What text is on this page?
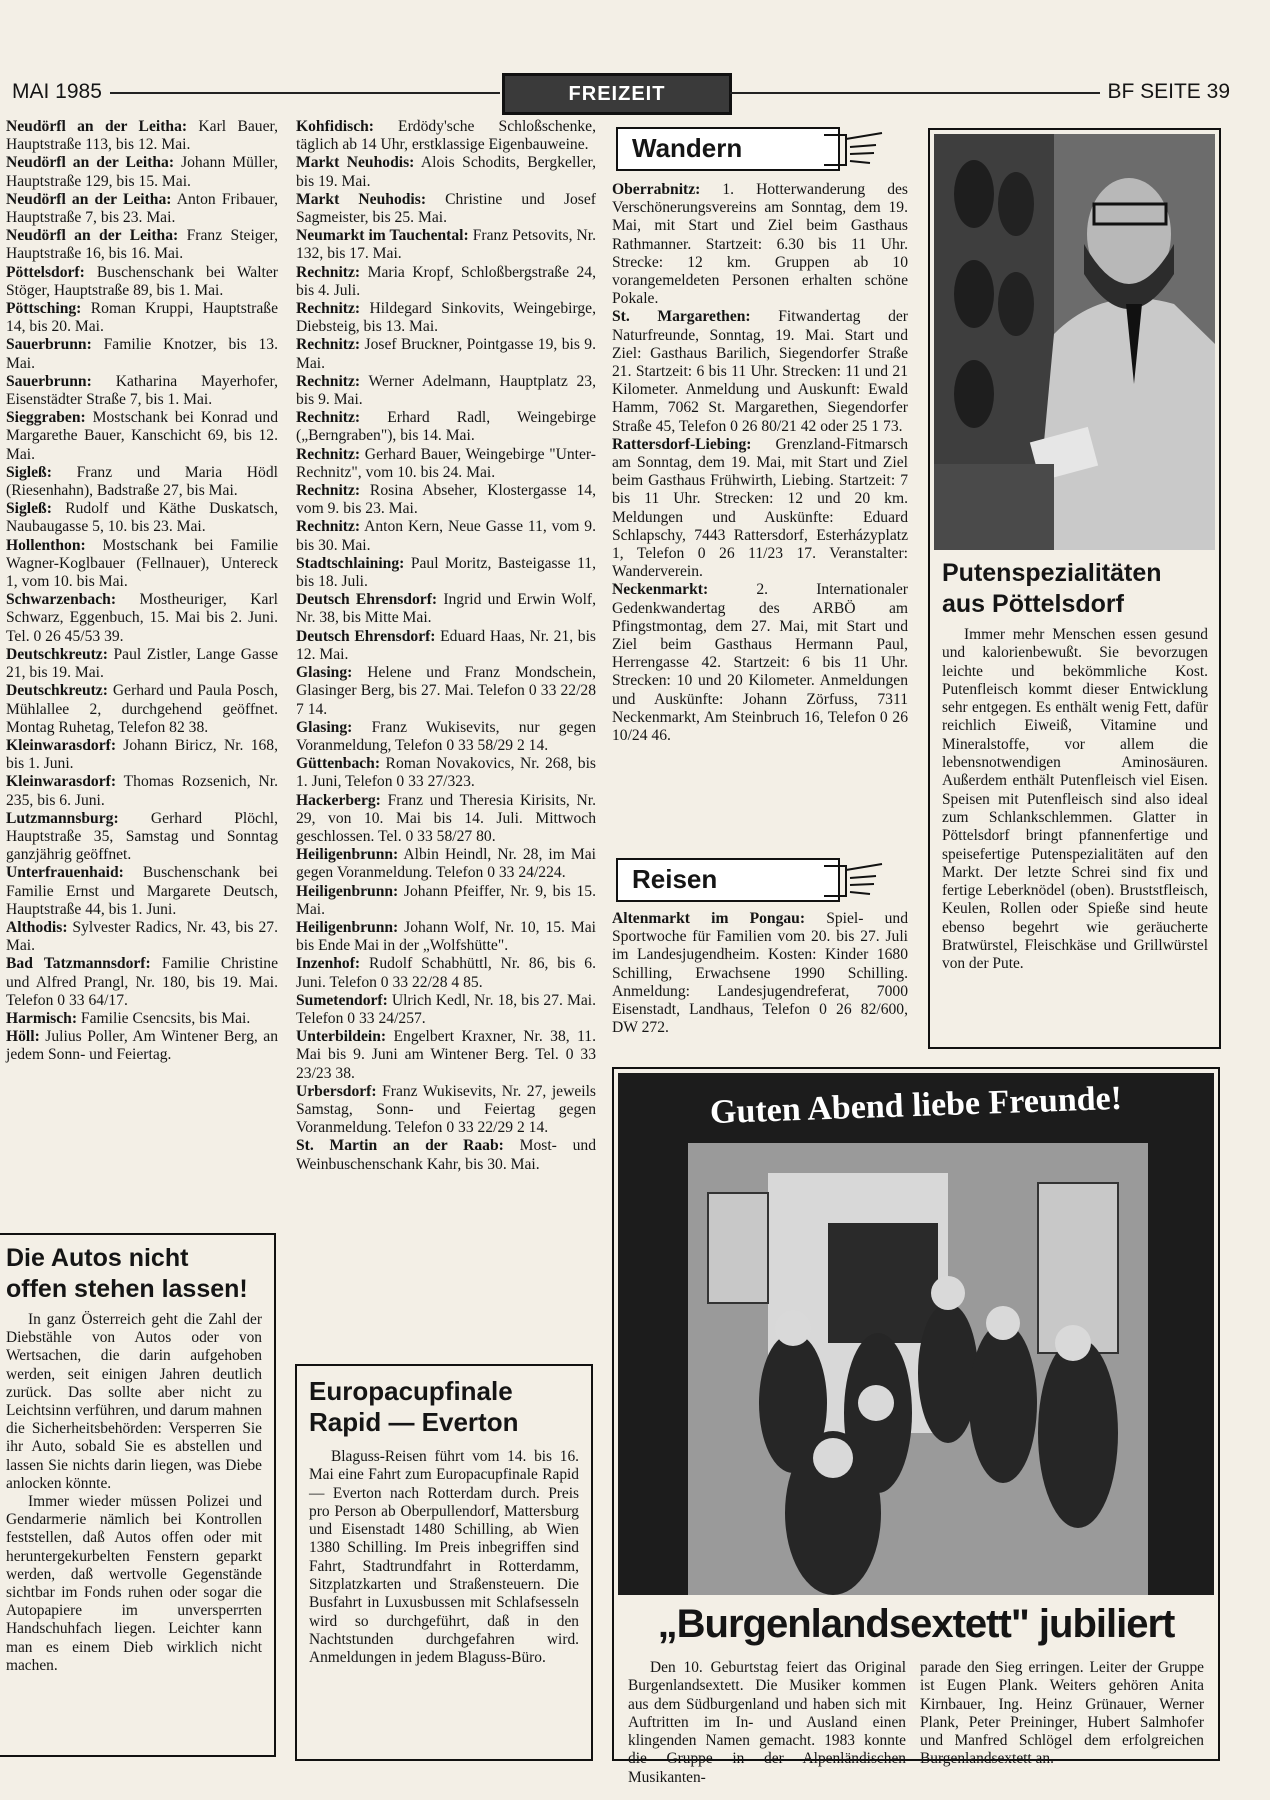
MAI 1985	FREIZEIT	BF SEITE 39

Neudörfl an der Leitha: Karl Bauer, Hauptstraße 113, bis 12. Mai.

Neudörfl an der Leitha: Johann Müller, Hauptstraße 129, bis 15. Mai.

Neudörfl an der Leitha: Anton Fribauer, Hauptstraße 7, bis 23. Mai.

Neudörfl an der Leitha: Franz Steiger, Hauptstraße 16, bis 16. Mai.

Pöttelsdorf: Buschenschank bei Walter Stöger, Hauptstraße 89, bis 1. Mai.

Pöttsching: Roman Kruppi, Hauptstraße 14, bis 20. Mai.

Sauerbrunn: Familie Knotzer, bis 13. Mai.

Sauerbrunn: Katharina Mayerhofer, Eisenstädter Straße 7, bis 1. Mai.

Sieggraben: Mostschank bei Konrad und Margarethe Bauer, Kanschicht 69, bis 12. Mai.

Sigleß: Franz und Maria Hödl (Riesenhahn), Badstraße 27, bis Mai.

Sigleß: Rudolf und Käthe Duskatsch, Naubaugasse 5, 10. bis 23. Mai.

Hollenthon: Mostschank bei Familie Wagner-Koglbauer (Fellnauer), Untereck 1, vom 10. bis Mai.

Schwarzenbach: Mostheuriger, Karl Schwarz, Eggenbuch, 15. Mai bis 2. Juni. Tel. 0 26 45/53 39.

Deutschkreutz: Paul Zistler, Lange Gasse 21, bis 19. Mai.

Deutschkreutz: Gerhard und Paula Posch, Mühlallee 2, durchgehend geöffnet. Montag Ruhetag, Telefon 82 38.

Kleinwarasdorf: Johann Biricz, Nr. 168, bis 1. Juni.

Kleinwarasdorf: Thomas Rozsenich, Nr. 235, bis 6. Juni.

Lutzmannsburg: Gerhard Plöchl, Hauptstraße 35, Samstag und Sonntag ganzjährig geöffnet.

Unterfrauenhaid: Buschenschank bei Familie Ernst und Margarete Deutsch, Hauptstraße 44, bis 1. Juni.

Althodis: Sylvester Radics, Nr. 43, bis 27. Mai.

Bad Tatzmannsdorf: Familie Christine und Alfred Prangl, Nr. 180, bis 19. Mai. Telefon 0 33 64/17.

Harmisch: Familie Csencsits, bis Mai.

Höll: Julius Poller, Am Wintener Berg, an jedem Sonn- und Feiertag.

Kohfidisch: Erdödy'sche Schloßschenke, täglich ab 14 Uhr, erstklassige Eigenbauweine.

Markt Neuhodis: Alois Schodits, Bergkeller, bis 19. Mai.

Markt Neuhodis: Christine und Josef Sagmeister, bis 25. Mai.

Neumarkt im Tauchental: Franz Petsovits, Nr. 132, bis 17. Mai.

Rechnitz: Maria Kropf, Schloßbergstraße 24, bis 4. Juli.

Rechnitz: Hildegard Sinkovits, Weingebirge, Diebsteig, bis 13. Mai.

Rechnitz: Josef Bruckner, Pointgasse 19, bis 9. Mai.

Rechnitz: Werner Adelmann, Hauptplatz 23, bis 9. Mai.

Rechnitz: Erhard Radl, Weingebirge („Berngraben"), bis 14. Mai.

Rechnitz: Gerhard Bauer, Weingebirge "Unter-Rechnitz", vom 10. bis 24. Mai.

Rechnitz: Rosina Abseher, Klostergasse 14, vom 9. bis 23. Mai.

Rechnitz: Anton Kern, Neue Gasse 11, vom 9. bis 30. Mai.

Stadtschlaining: Paul Moritz, Basteigasse 11, bis 18. Juli.

Deutsch Ehrensdorf: Ingrid und Erwin Wolf, Nr. 38, bis Mitte Mai.

Deutsch Ehrensdorf: Eduard Haas, Nr. 21, bis 12. Mai.

Glasing: Helene und Franz Mondschein, Glasinger Berg, bis 27. Mai. Telefon 0 33 22/28 7 14.

Glasing: Franz Wukisevits, nur gegen Voranmeldung, Telefon 0 33 58/29 2 14.

Güttenbach: Roman Novakovics, Nr. 268, bis 1. Juni, Telefon 0 33 27/323.

Hackerberg: Franz und Theresia Kirisits, Nr. 29, von 10. Mai bis 14. Juli. Mittwoch geschlossen. Tel. 0 33 58/27 80.

Heiligenbrunn: Albin Heindl, Nr. 28, im Mai gegen Voranmeldung. Telefon 0 33 24/224.

Heiligenbrunn: Johann Pfeiffer, Nr. 9, bis 15. Mai.

Heiligenbrunn: Johann Wolf, Nr. 10, 15. Mai bis Ende Mai in der „Wolfshütte".

Inzenhof: Rudolf Schabhüttl, Nr. 86, bis 6. Juni. Telefon 0 33 22/28 4 85.

Sumetendorf: Ulrich Kedl, Nr. 18, bis 27. Mai. Telefon 0 33 24/257.

Unterbildein: Engelbert Kraxner, Nr. 38, 11. Mai bis 9. Juni am Wintener Berg. Tel. 0 33 23/23 38.

Urbersdorf: Franz Wukisevits, Nr. 27, jeweils Samstag, Sonn- und Feiertag gegen Voranmeldung. Telefon 0 33 22/29 2 14.

St. Martin an der Raab: Most- und Weinbuschenschank Kahr, bis 30. Mai.

Die Autos nicht
offen stehen lassen!

In ganz Österreich geht die Zahl der Diebstähle von Autos oder von Wertsachen, die darin aufgehoben werden, seit einigen Jahren deutlich zurück. Das sollte aber nicht zu Leichtsinn verführen, und darum mahnen die Sicherheitsbehörden: Versperren Sie ihr Auto, sobald Sie es abstellen und lassen Sie nichts darin liegen, was Diebe anlocken könnte.

Immer wieder müssen Polizei und Gendarmerie nämlich bei Kontrollen feststellen, daß Autos offen oder mit heruntergekurbelten Fenstern geparkt werden, daß wertvolle Gegenstände sichtbar im Fonds ruhen oder sogar die Autopapiere im unversperrten Handschuhfach liegen. Leichter kann man es einem Dieb wirklich nicht machen.

Europacupfinale
Rapid — Everton

Blaguss-Reisen führt vom 14. bis 16. Mai eine Fahrt zum Europacupfinale Rapid — Everton nach Rotterdam durch. Preis pro Person ab Oberpullendorf, Mattersburg und Eisenstadt 1480 Schilling, ab Wien 1380 Schilling. Im Preis inbegriffen sind Fahrt, Stadtrundfahrt in Rotterdamm, Sitzplatzkarten und Straßensteuern. Die Busfahrt in Luxusbussen mit Schlafsesseln wird so durchgeführt, daß in den Nachtstunden durchgefahren wird. Anmeldungen in jedem Blaguss-Büro.

Wandern

Oberrabnitz: 1. Hotterwanderung des Verschönerungsvereins am Sonntag, dem 19. Mai, mit Start und Ziel beim Gasthaus Rathmanner. Startzeit: 6.30 bis 11 Uhr. Strecke: 12 km. Gruppen ab 10 vorangemeldeten Personen erhalten schöne Pokale.

St. Margarethen: Fitwandertag der Naturfreunde, Sonntag, 19. Mai. Start und Ziel: Gasthaus Barilich, Siegendorfer Straße 21. Startzeit: 6 bis 11 Uhr. Strecken: 11 und 21 Kilometer. Anmeldung und Auskunft: Ewald Hamm, 7062 St. Margarethen, Siegendorfer Straße 45, Telefon 0 26 80/21 42 oder 25 1 73.

Rattersdorf-Liebing: Grenzland-Fitmarsch am Sonntag, dem 19. Mai, mit Start und Ziel beim Gasthaus Frühwirth, Liebing. Startzeit: 7 bis 11 Uhr. Strecken: 12 und 20 km. Meldungen und Auskünfte: Eduard Schlapschy, 7443 Rattersdorf, Esterházyplatz 1, Telefon 0 26 11/23 17. Veranstalter: Wanderverein.

Neckenmarkt: 2. Internationaler Gedenkwandertag des ARBÖ am Pfingstmontag, dem 27. Mai, mit Start und Ziel beim Gasthaus Hermann Paul, Herrengasse 42. Startzeit: 6 bis 11 Uhr. Strecken: 10 und 20 Kilometer. Anmeldungen und Auskünfte: Johann Zörfuss, 7311 Neckenmarkt, Am Steinbruch 16, Telefon 0 26 10/24 46.

Reisen

Altenmarkt im Pongau: Spiel- und Sportwoche für Familien vom 20. bis 27. Juli im Landesjugendheim. Kosten: Kinder 1680 Schilling, Erwachsene 1990 Schilling. Anmeldung: Landesjugendreferat, 7000 Eisenstadt, Landhaus, Telefon 0 26 82/600, DW 272.

Putenspezialitäten
aus Pöttelsdorf

Immer mehr Menschen essen gesund und kalorienbewußt. Sie bevorzugen leichte und bekömmliche Kost. Putenfleisch kommt dieser Entwicklung sehr entgegen. Es enthält wenig Fett, dafür reichlich Eiweiß, Vitamine und Mineralstoffe, vor allem die lebensnotwendigen Aminosäuren. Außerdem enthält Putenfleisch viel Eisen. Speisen mit Putenfleisch sind also ideal zum Schlankschlemmen. Glatter in Pöttelsdorf bringt pfannenfertige und speisefertige Putenspezialitäten auf den Markt. Der letzte Schrei sind fix und fertige Leberknödel (oben). Bruststfleisch, Keulen, Rollen oder Spieße sind heute ebenso begehrt wie geräucherte Bratwürstel, Fleischkäse und Grillwürstel von der Pute.

Guten Abend liebe Freunde!
„Burgenlandsextett" jubiliert

Den 10. Geburtstag feiert das Original Burgenlandsextett. Die Musiker kommen aus dem Südburgenland und haben sich mit Auftritten im In- und Ausland einen klingenden Namen gemacht. 1983 konnte die Gruppe in der Alpenländischen Musikanten-

parade den Sieg erringen. Leiter der Gruppe ist Eugen Plank. Weiters gehören Anita Kirnbauer, Ing. Heinz Grünauer, Werner Plank, Peter Preininger, Hubert Salmhofer und Manfred Schlögel dem erfolgreichen Burgenlandsextett an.
